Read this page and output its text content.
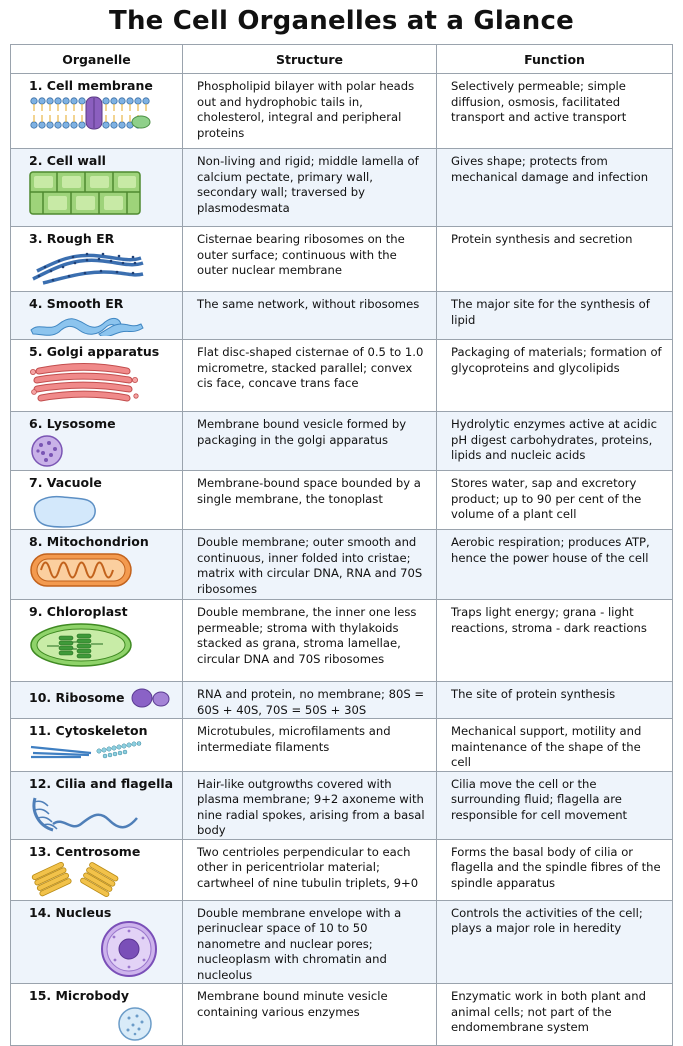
The Cell Organelles at a Glance
Organelle	Structure	Function

1. Cell membrane	Phospholipid bilayer with polar heads out and hydrophobic tails in, cholesterol, integral and peripheral proteins	Selectively permeable; simple diffusion, osmosis, facilitated transport and active transport

2. Cell wall	Non-living and rigid; middle lamella of calcium pectate, primary wall, secondary wall; traversed by plasmodesmata	Gives shape; protects from mechanical damage and infection

3. Rough ER	Cisternae bearing ribosomes on the outer surface; continuous with the outer nuclear membrane	Protein synthesis and secretion

4. Smooth ER	The same network, without ribosomes	The major site for the synthesis of lipid

5. Golgi apparatus	Flat disc-shaped cisternae of 0.5 to 1.0 micrometre, stacked parallel; convex cis face, concave trans face	Packaging of materials; formation of glycoproteins and glycolipids

6. Lysosome	Membrane bound vesicle formed by packaging in the golgi apparatus	Hydrolytic enzymes active at acidic pH digest carbohydrates, proteins, lipids and nucleic acids

7. Vacuole	Membrane-bound space bounded by a single membrane, the tonoplast	Stores water, sap and excretory product; up to 90 per cent of the volume of a plant cell

8. Mitochondrion	Double membrane; outer smooth and continuous, inner folded into cristae; matrix with circular DNA, RNA and 70S ribosomes	Aerobic respiration; produces ATP, hence the power house of the cell

9. Chloroplast	Double membrane, the inner one less permeable; stroma with thylakoids stacked as grana, stroma lamellae, circular DNA and 70S ribosomes	Traps light energy; grana - light reactions, stroma - dark reactions
10. Ribosome	RNA and protein, no membrane; 80S = 60S + 40S, 70S = 50S + 30S	The site of protein synthesis

11. Cytoskeleton	Microtubules, microfilaments and intermediate filaments	Mechanical support, motility and maintenance of the shape of the cell

12. Cilia and flagella	Hair-like outgrowths covered with plasma membrane; 9+2 axoneme with nine radial spokes, arising from a basal body	Cilia move the cell or the surrounding fluid; flagella are responsible for cell movement

13. Centrosome	Two centrioles perpendicular to each other in pericentriolar material; cartwheel of nine tubulin triplets, 9+0	Forms the basal body of cilia or flagella and the spindle fibres of the spindle apparatus

14. Nucleus	Double membrane envelope with a perinuclear space of 10 to 50 nanometre and nuclear pores; nucleoplasm with chromatin and nucleolus	Controls the activities of the cell; plays a major role in heredity

15. Microbody	Membrane bound minute vesicle containing various enzymes	Enzymatic work in both plant and animal cells; not part of the endomembrane system
